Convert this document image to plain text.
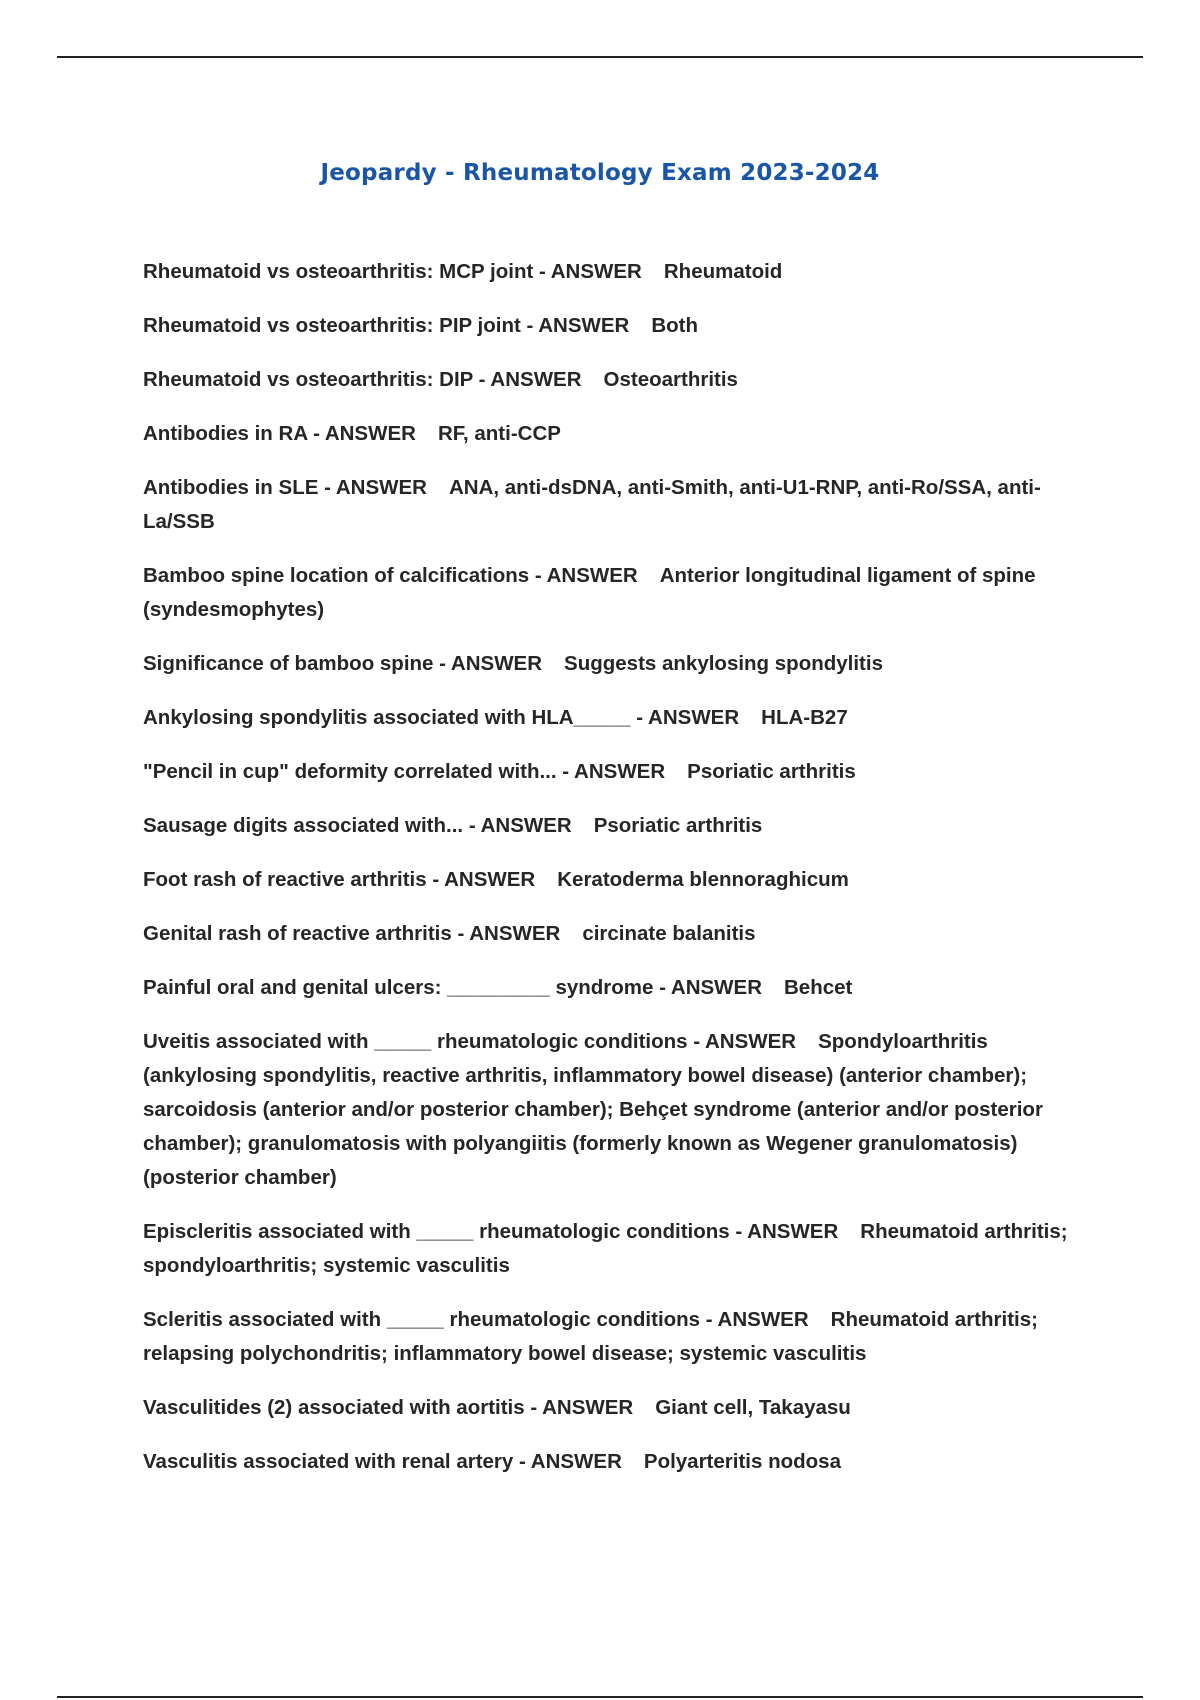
Jeopardy - Rheumatology Exam 2023-2024
Rheumatoid vs osteoarthritis: MCP joint - ANSWER Rheumatoid
Rheumatoid vs osteoarthritis: PIP joint - ANSWER Both
Rheumatoid vs osteoarthritis: DIP - ANSWER Osteoarthritis
Antibodies in RA - ANSWER RF, anti-CCP
Antibodies in SLE - ANSWER ANA, anti-dsDNA, anti-Smith, anti-U1-RNP, anti-Ro/SSA, anti-La/SSB
Bamboo spine location of calcifications - ANSWER Anterior longitudinal ligament of spine (syndesmophytes)
Significance of bamboo spine - ANSWER Suggests ankylosing spondylitis
Ankylosing spondylitis associated with HLA_____ - ANSWER HLA-B27
"Pencil in cup" deformity correlated with... - ANSWER Psoriatic arthritis
Sausage digits associated with... - ANSWER Psoriatic arthritis
Foot rash of reactive arthritis - ANSWER Keratoderma blennoraghicum
Genital rash of reactive arthritis - ANSWER circinate balanitis
Painful oral and genital ulcers: _________ syndrome - ANSWER Behcet
Uveitis associated with _____ rheumatologic conditions - ANSWER Spondyloarthritis (ankylosing spondylitis, reactive arthritis, inflammatory bowel disease) (anterior chamber); sarcoidosis (anterior and/or posterior chamber); Behçet syndrome (anterior and/or posterior chamber); granulomatosis with polyangiitis (formerly known as Wegener granulomatosis) (posterior chamber)
Episcleritis associated with _____ rheumatologic conditions - ANSWER Rheumatoid arthritis; spondyloarthritis; systemic vasculitis
Scleritis associated with _____ rheumatologic conditions - ANSWER Rheumatoid arthritis; relapsing polychondritis; inflammatory bowel disease; systemic vasculitis
Vasculitides (2) associated with aortitis - ANSWER Giant cell, Takayasu
Vasculitis associated with renal artery - ANSWER Polyarteritis nodosa
